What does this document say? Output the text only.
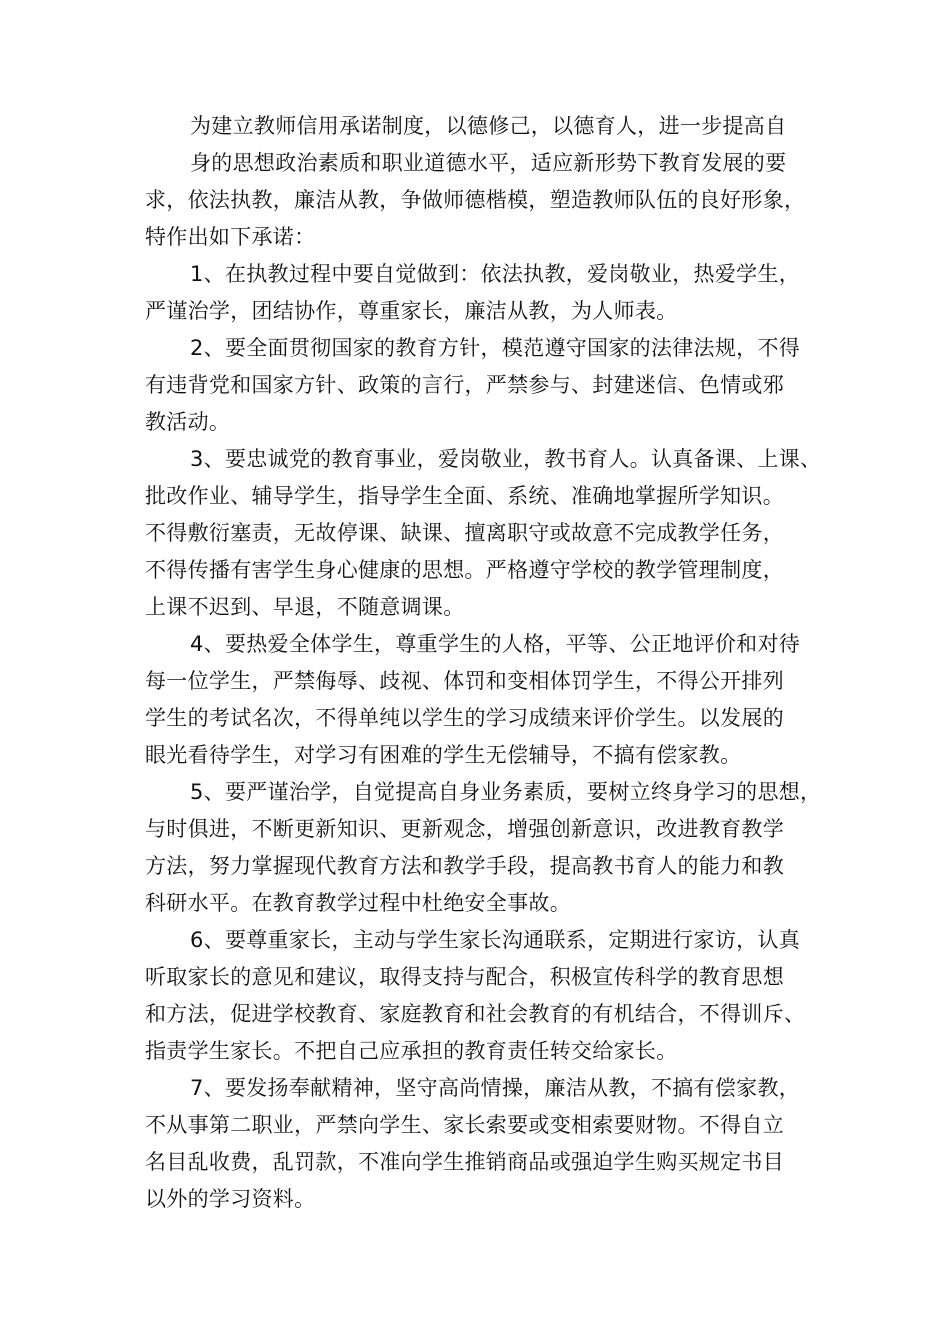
为建立教师信用承诺制度，以德修己，以德育人，进一步提高自
身的思想政治素质和职业道德水平，适应新形势下教育发展的要
求，依法执教，廉洁从教，争做师德楷模，塑造教师队伍的良好形象，
特作出如下承诺：
1、在执教过程中要自觉做到：依法执教，爱岗敬业，热爱学生，
严谨治学，团结协作，尊重家长，廉洁从教，为人师表。
2、要全面贯彻国家的教育方针，模范遵守国家的法律法规，不得
有违背党和国家方针、政策的言行，严禁参与、封建迷信、色情或邪
教活动。
3、要忠诚党的教育事业，爱岗敬业，教书育人。认真备课、上课、
批改作业、辅导学生，指导学生全面、系统、准确地掌握所学知识。
不得敷衍塞责，无故停课、缺课、擅离职守或故意不完成教学任务，
不得传播有害学生身心健康的思想。严格遵守学校的教学管理制度，
上课不迟到、早退，不随意调课。
4、要热爱全体学生，尊重学生的人格，平等、公正地评价和对待
每一位学生，严禁侮辱、歧视、体罚和变相体罚学生，不得公开排列
学生的考试名次，不得单纯以学生的学习成绩来评价学生。以发展的
眼光看待学生，对学习有困难的学生无偿辅导，不搞有偿家教。
5、要严谨治学，自觉提高自身业务素质，要树立终身学习的思想，
与时俱进，不断更新知识、更新观念，增强创新意识，改进教育教学
方法，努力掌握现代教育方法和教学手段，提高教书育人的能力和教
科研水平。在教育教学过程中杜绝安全事故。
6、要尊重家长，主动与学生家长沟通联系，定期进行家访，认真
听取家长的意见和建议，取得支持与配合，积极宣传科学的教育思想
和方法，促进学校教育、家庭教育和社会教育的有机结合，不得训斥、
指责学生家长。不把自己应承担的教育责任转交给家长。
7、要发扬奉献精神，坚守高尚情操，廉洁从教，不搞有偿家教，
不从事第二职业，严禁向学生、家长索要或变相索要财物。不得自立
名目乱收费，乱罚款，不准向学生推销商品或强迫学生购买规定书目
以外的学习资料。
